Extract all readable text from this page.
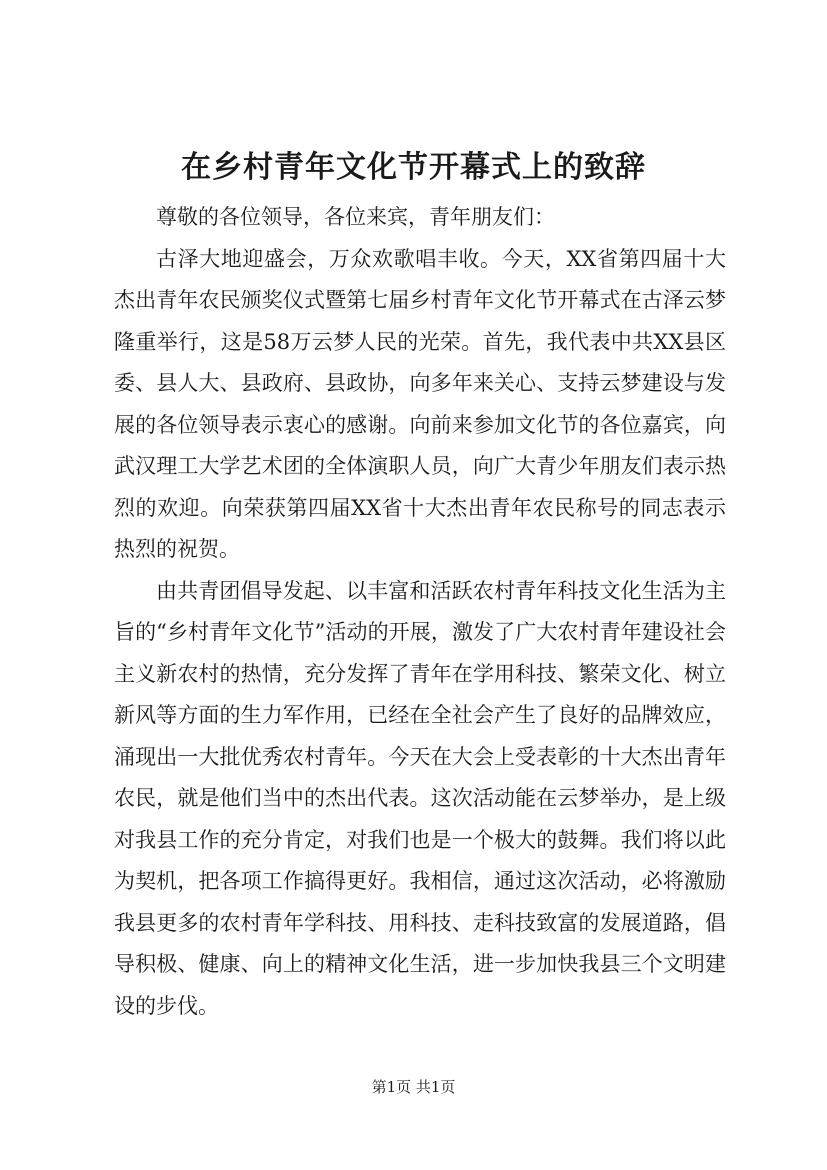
在乡村青年文化节开幕式上的致辞

尊敬的各位领导，各位来宾，青年朋友们：

古泽大地迎盛会，万众欢歌唱丰收。今天，XX省第四届十大杰出青年农民颁奖仪式暨第七届乡村青年文化节开幕式在古泽云梦隆重举行，这是58万云梦人民的光荣。首先，我代表中共XX县区委、县人大、县政府、县政协，向多年来关心、支持云梦建设与发展的各位领导表示衷心的感谢。向前来参加文化节的各位嘉宾，向武汉理工大学艺术团的全体演职人员，向广大青少年朋友们表示热烈的欢迎。向荣获第四届XX省十大杰出青年农民称号的同志表示热烈的祝贺。

由共青团倡导发起、以丰富和活跃农村青年科技文化生活为主旨的“乡村青年文化节”活动的开展，激发了广大农村青年建设社会主义新农村的热情，充分发挥了青年在学用科技、繁荣文化、树立新风等方面的生力军作用，已经在全社会产生了良好的品牌效应，涌现出一大批优秀农村青年。今天在大会上受表彰的十大杰出青年农民，就是他们当中的杰出代表。这次活动能在云梦举办，是上级对我县工作的充分肯定，对我们也是一个极大的鼓舞。我们将以此为契机，把各项工作搞得更好。我相信，通过这次活动，必将激励我县更多的农村青年学科技、用科技、走科技致富的发展道路，倡导积极、健康、向上的精神文化生活，进一步加快我县三个文明建设的步伐。

第1页 共1页
